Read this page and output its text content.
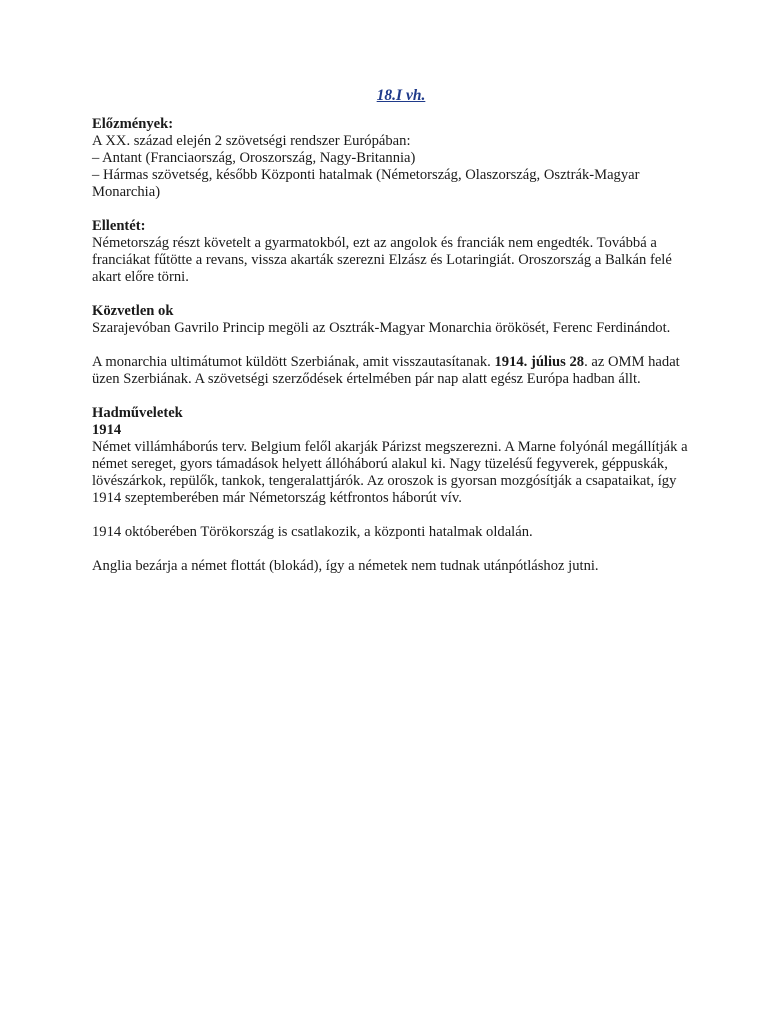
18.I vh.
Előzmények:
A XX. század elején 2 szövetségi rendszer Európában:
– Antant (Franciaország, Oroszország, Nagy-Britannia)
– Hármas szövetség, később Központi hatalmak (Németország, Olaszország, Osztrák-Magyar Monarchia)
Ellentét:
Németország részt követelt a gyarmatokból, ezt az angolok és franciák nem engedték. Továbbá a franciákat fűtötte a revans, vissza akarták szerezni Elzász és Lotaringiát. Oroszország a Balkán felé akart előre törni.
Közvetlen ok
Szarajevóban Gavrilo Princip megöli az Osztrák-Magyar Monarchia örökösét, Ferenc Ferdinándot.
A monarchia ultimátumot küldött Szerbiának, amit visszautasítanak. 1914. július 28. az OMM hadat üzen Szerbiának. A szövetségi szerződések értelmében pár nap alatt egész Európa hadban állt.
Hadműveletek
1914
Német villámháborús terv. Belgium felől akarják Párizst megszerezni. A Marne folyónál megállítják a német sereget, gyors támadások helyett állóháború alakul ki. Nagy tüzelésű fegyverek, géppuskák, lövészárkok, repülők, tankok, tengeralattjárók. Az oroszok is gyorsan mozgósítják a csapataikat, így 1914 szeptemberében már Németország kétfrontos háborút vív.
1914 októberében Törökország is csatlakozik, a központi hatalmak oldalán.
Anglia bezárja a német flottát (blokád), így a németek nem tudnak utánpótláshoz jutni.
